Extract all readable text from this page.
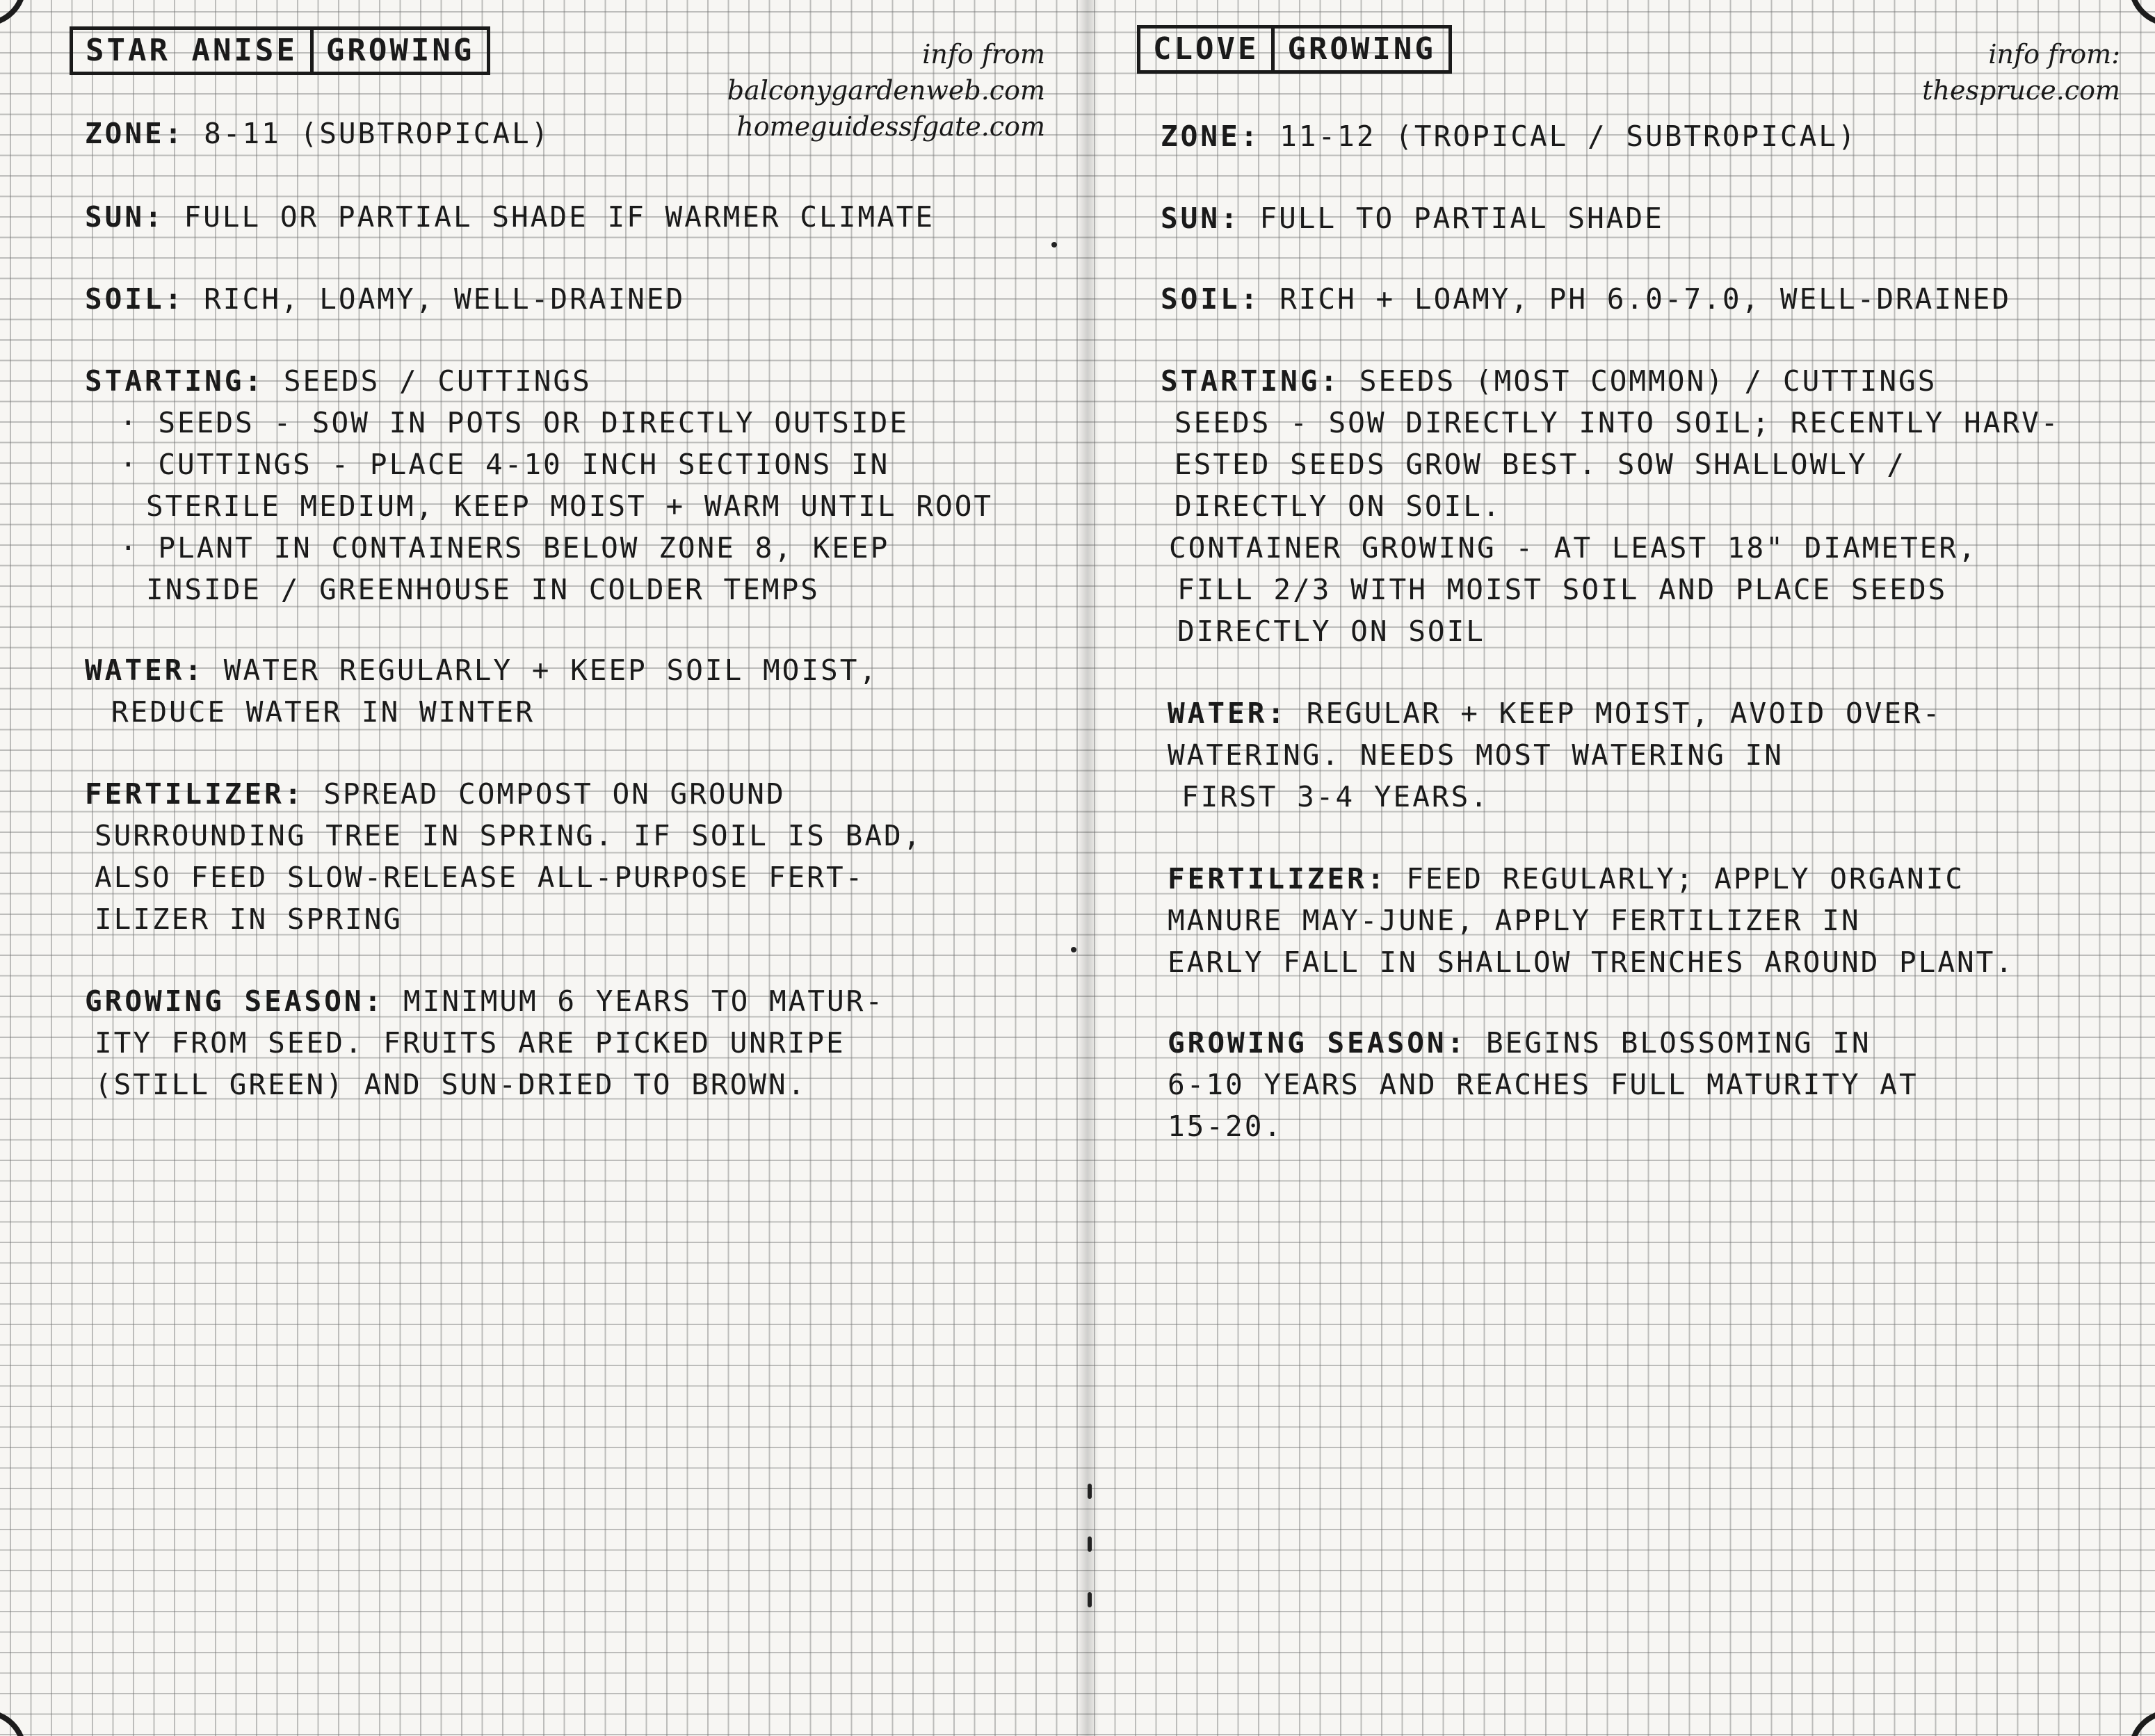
STAR ANISE GROWING	info from
balconygardenweb.com
homeguidessfgate.com
ZONE: 8-11 (SUBTROPICAL)
SUN: FULL OR PARTIAL SHADE IF WARMER CLIMATE
SOIL: RICH, LOAMY, WELL-DRAINED
STARTING: SEEDS / CUTTINGS
· SEEDS - SOW IN POTS OR DIRECTLY OUTSIDE
· CUTTINGS - PLACE 4-10 INCH SECTIONS IN
STERILE MEDIUM, KEEP MOIST + WARM UNTIL ROOT
· PLANT IN CONTAINERS BELOW ZONE 8, KEEP
INSIDE / GREENHOUSE IN COLDER TEMPS
WATER: WATER REGULARLY + KEEP SOIL MOIST,
REDUCE WATER IN WINTER
FERTILIZER: SPREAD COMPOST ON GROUND
SURROUNDING TREE IN SPRING. IF SOIL IS BAD,
ALSO FEED SLOW-RELEASE ALL-PURPOSE FERT-
ILIZER IN SPRING
GROWING SEASON: MINIMUM 6 YEARS TO MATUR-
ITY FROM SEED. FRUITS ARE PICKED UNRIPE
(STILL GREEN) AND SUN-DRIED TO BROWN.
CLOVE GROWING	info from:
thespruce.com
ZONE: 11-12 (TROPICAL / SUBTROPICAL)
SUN: FULL TO PARTIAL SHADE
SOIL: RICH + LOAMY, PH 6.0-7.0, WELL-DRAINED
STARTING: SEEDS (MOST COMMON) / CUTTINGS
SEEDS - SOW DIRECTLY INTO SOIL; RECENTLY HARV-
ESTED SEEDS GROW BEST. SOW SHALLOWLY /
DIRECTLY ON SOIL.
CONTAINER GROWING - AT LEAST 18" DIAMETER,
FILL 2/3 WITH MOIST SOIL AND PLACE SEEDS
DIRECTLY ON SOIL
WATER: REGULAR + KEEP MOIST, AVOID OVER-
WATERING. NEEDS MOST WATERING IN
FIRST 3-4 YEARS.
FERTILIZER: FEED REGULARLY; APPLY ORGANIC
MANURE MAY-JUNE, APPLY FERTILIZER IN
EARLY FALL IN SHALLOW TRENCHES AROUND PLANT.
GROWING SEASON: BEGINS BLOSSOMING IN
6-10 YEARS AND REACHES FULL MATURITY AT
15-20.
